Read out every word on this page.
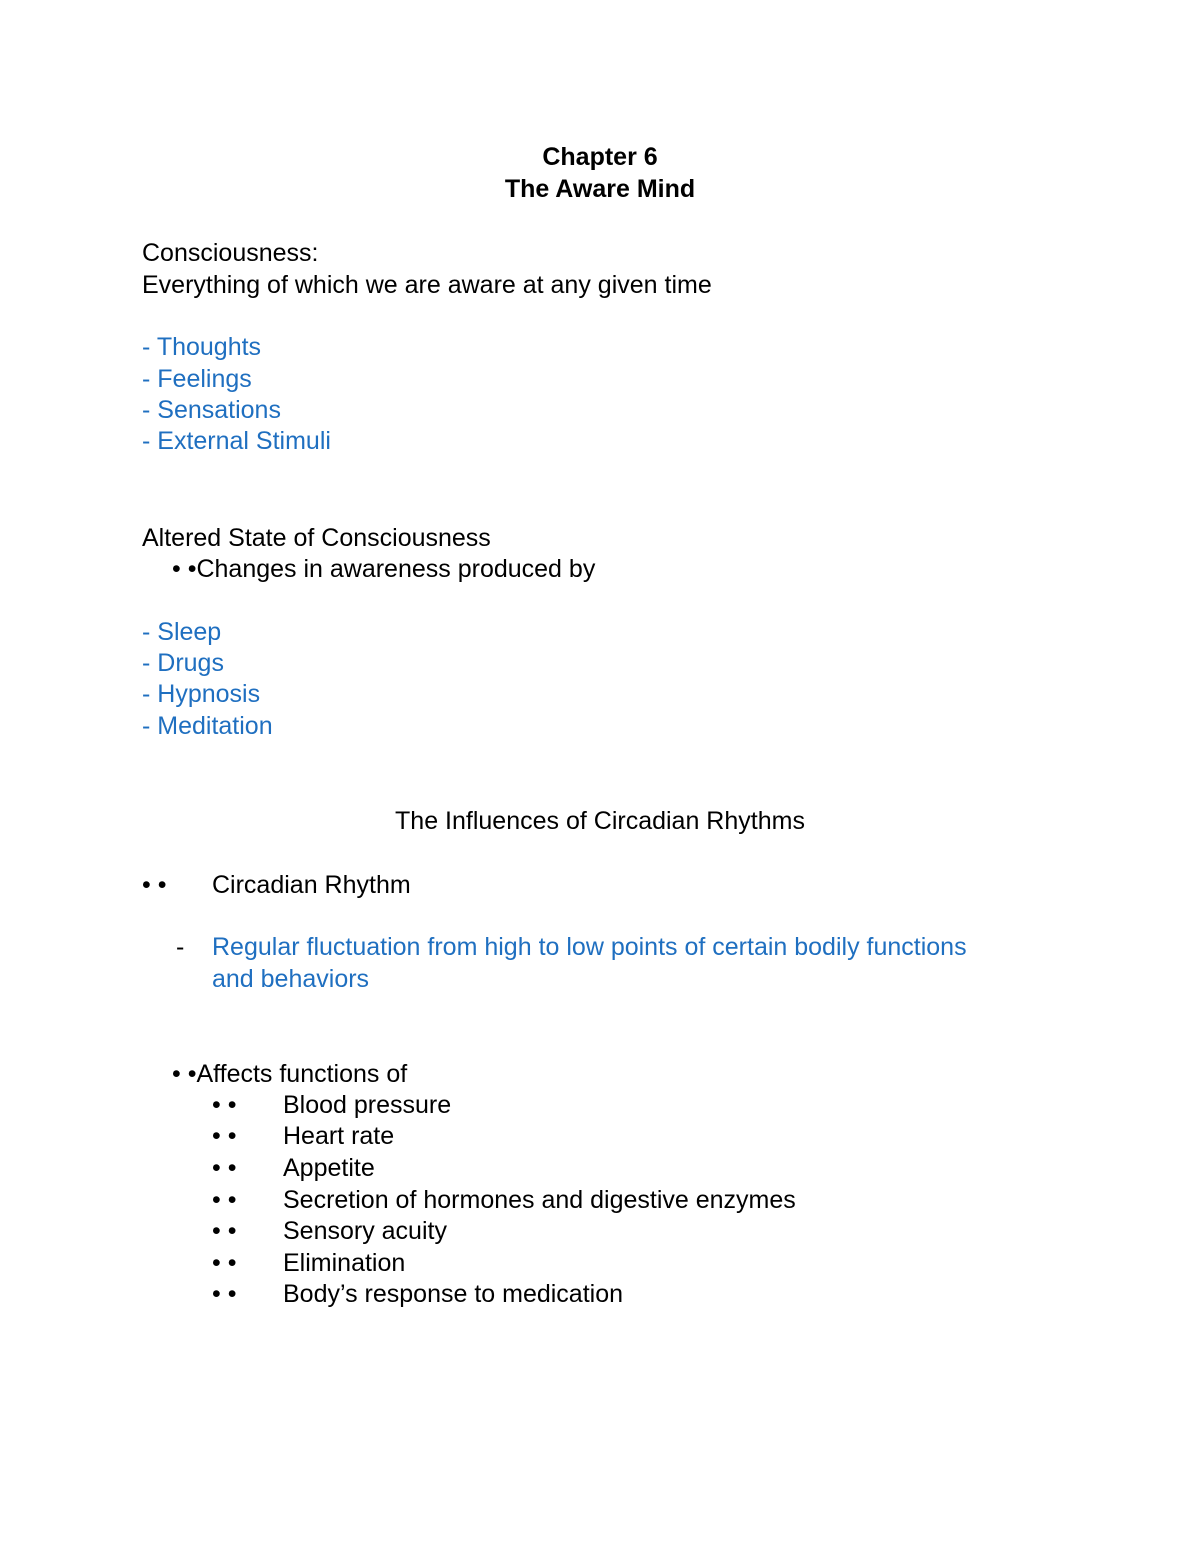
Chapter 6
The Aware Mind
Consciousness:
Everything of which we are aware at any given time
- Thoughts
- Feelings
- Sensations
- External Stimuli
Altered State of Consciousness
• •Changes in awareness produced by
- Sleep
- Drugs
- Hypnosis
- Meditation
The Influences of Circadian Rhythms
• • Circadian Rhythm
- Regular fluctuation from high to low points of certain bodily functions
and behaviors
• •Affects functions of
• • Blood pressure
• • Heart rate
• • Appetite
• • Secretion of hormones and digestive enzymes
• • Sensory acuity
• • Elimination
• • Body’s response to medication
